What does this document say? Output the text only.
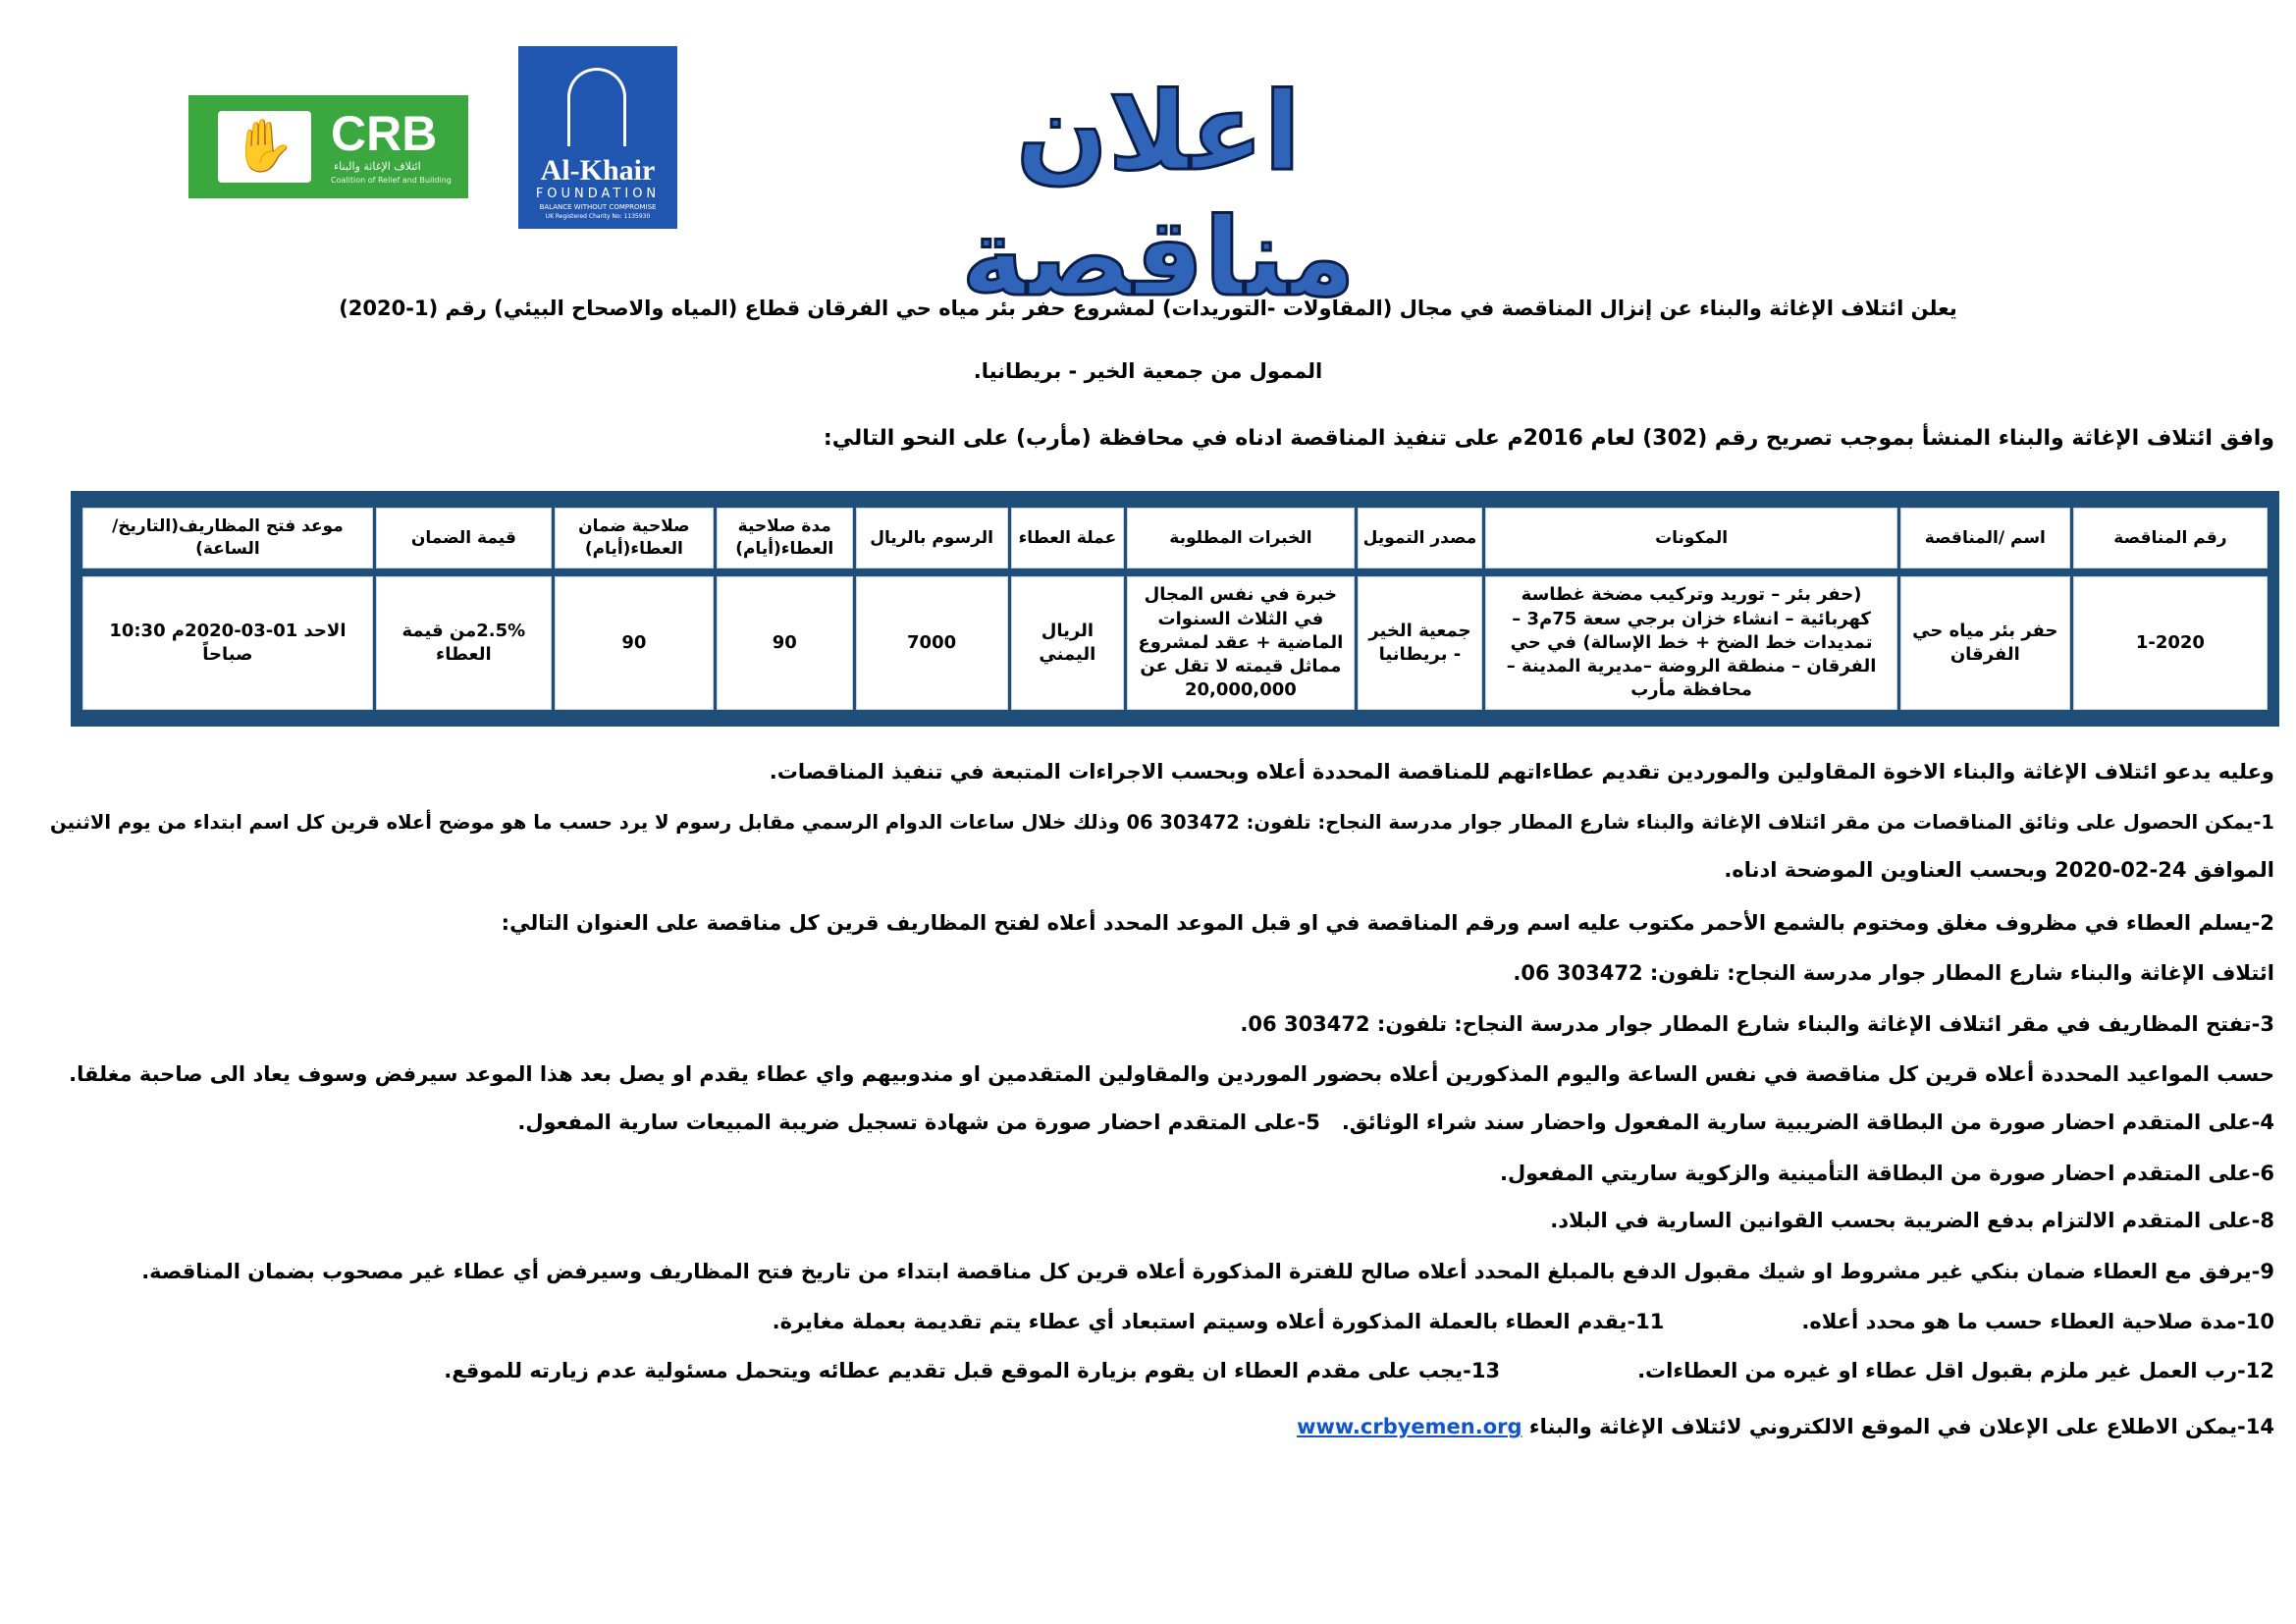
✋ CRB
ائتلاف الإغاثة والبناء
Coalition of Relief and Building	Al-Khair
FOUNDATION
BALANCE WITHOUT COMPROMISE
UK Registered Charity No: 1135930
اعلان مناقصة
يعلن ائتلاف الإغاثة والبناء عن إنزال المناقصة في مجال (المقاولات -التوريدات) لمشروع حفر بئر مياه حي الفرقان قطاع (المياه والاصحاح البيئي) رقم (1-2020)
الممول من جمعية الخير - بريطانيا.
وافق ائتلاف الإغاثة والبناء المنشأ بموجب تصريح رقم (302) لعام 2016م على تنفيذ المناقصة ادناه في محافظة (مأرب) على النحو التالي:
رقم المناقصة	اسم /المناقصة	المكونات	مصدر التمويل	الخبرات المطلوبة	عملة العطاء	الرسوم بالريال	مدة صلاحية العطاء(أيام)	صلاحية ضمان العطاء(أيام)	قيمة الضمان	موعد فتح المظاريف(التاريخ/الساعة)
1-2020	حفر بئر مياه حي الفرقان	(حفر بئر – توريد وتركيب مضخة غطاسة كهربائية – انشاء خزان برجي سعة 75م3 – تمديدات خط الضخ + خط الإسالة) في حي الفرقان – منطقة الروضة –مديرية المدينة – محافظة مأرب	جمعية الخير - بريطانيا	خبرة في نفس المجال في الثلاث السنوات الماضية + عقد لمشروع مماثل قيمته لا تقل عن 20,000,000	الريال اليمني	7000	90	90	2.5%من قيمة العطاء	الاحد 01-03-2020م 10:30 صباحاً
وعليه يدعو ائتلاف الإغاثة والبناء الاخوة المقاولين والموردين تقديم عطاءاتهم للمناقصة المحددة أعلاه وبحسب الاجراءات المتبعة في تنفيذ المناقصات.
1-يمكن الحصول على وثائق المناقصات من مقر ائتلاف الإغاثة والبناء شارع المطار جوار مدرسة النجاح: تلفون: 303472 06 وذلك خلال ساعات الدوام الرسمي مقابل رسوم لا يرد حسب ما هو موضح أعلاه قرين كل اسم ابتداء من يوم الاثنين
الموافق 24-02-2020 وبحسب العناوين الموضحة ادناه.
2-يسلم العطاء في مظروف مغلق ومختوم بالشمع الأحمر مكتوب عليه اسم ورقم المناقصة في او قبل الموعد المحدد أعلاه لفتح المظاريف قرين كل مناقصة على العنوان التالي:
ائتلاف الإغاثة والبناء شارع المطار جوار مدرسة النجاح: تلفون: 303472 06.
3-تفتح المظاريف في مقر ائتلاف الإغاثة والبناء شارع المطار جوار مدرسة النجاح: تلفون: 303472 06.
حسب المواعيد المحددة أعلاه قرين كل مناقصة في نفس الساعة واليوم المذكورين أعلاه بحضور الموردين والمقاولين المتقدمين او مندوبيهم واي عطاء يقدم او يصل بعد هذا الموعد سيرفض وسوف يعاد الى صاحبة مغلقا.
4-على المتقدم احضار صورة من البطاقة الضريبية سارية المفعول واحضار سند شراء الوثائق.   5-على المتقدم احضار صورة من شهادة تسجيل ضريبة المبيعات سارية المفعول.
6-على المتقدم احضار صورة من البطاقة التأمينية والزكوية ساريتي المفعول.
8-على المتقدم الالتزام بدفع الضريبة بحسب القوانين السارية في البلاد.
9-يرفق مع العطاء ضمان بنكي غير مشروط او شيك مقبول الدفع بالمبلغ المحدد أعلاه صالح للفترة المذكورة أعلاه قرين كل مناقصة ابتداء من تاريخ فتح المظاريف وسيرفض أي عطاء غير مصحوب بضمان المناقصة.
10-مدة صلاحية العطاء حسب ما هو محدد أعلاه.11-يقدم العطاء بالعملة المذكورة أعلاه وسيتم استبعاد أي عطاء يتم تقديمة بعملة مغايرة.
12-رب العمل غير ملزم بقبول اقل عطاء او غيره من العطاءات.13-يجب على مقدم العطاء ان يقوم بزيارة الموقع قبل تقديم عطائه ويتحمل مسئولية عدم زيارته للموقع.
14-يمكن الاطلاع على الإعلان في الموقع الالكتروني لائتلاف الإغاثة والبناء www.crbyemen.org
